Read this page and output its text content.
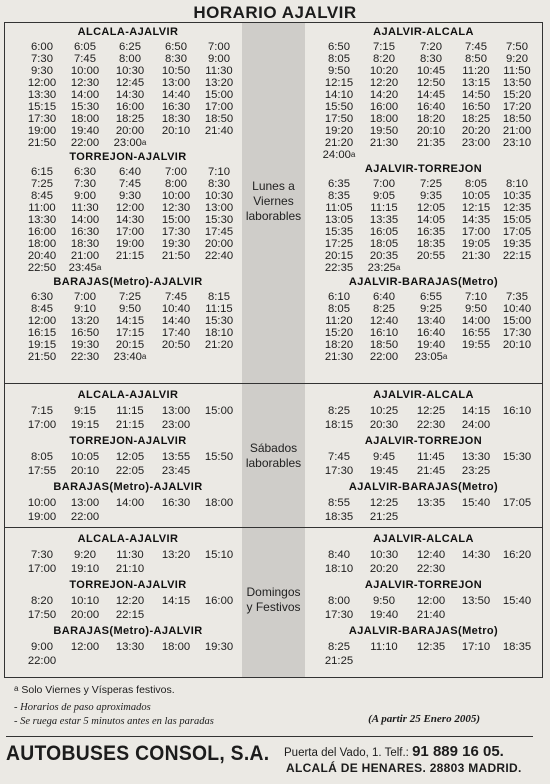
HORARIO AJALVIR
Lunes a
Viernes
laborables
Sábados
laborables
Domingos
y Festivos
ALCALA-AJALVIR
6:00	6:05	6:25	6:50	7:00
7:30	7:45	8:00	8:30	9:00
9:30	10:00	10:30	10:50	11:30
12:00	12:30	12:45	13:00	13:20
13:30	14:00	14:30	14:40	15:00
15:15	15:30	16:00	16:30	17:00
17:30	18:00	18:25	18:30	18:50
19:00	19:40	20:00	20:10	21:40
21:50	22:00	23:00$^a$
TORREJON-AJALVIR
6:15	6:30	6:40	7:00	7:10
7:25	7:30	7:45	8:00	8:30
8:45	9:00	9:30	10:00	10:30
11:00	11:30	12:00	12:30	13:00
13:30	14:00	14:30	15:00	15:30
16:00	16:30	17:00	17:30	17:45
18:00	18:30	19:00	19:30	20:00
20:40	21:00	21:15	21:50	22:40
22:50	23:45$^a$
BARAJAS(Metro)-AJALVIR
6:30	7:00	7:25	7:45	8:15
8:45	9:10	9:50	10:40	11:15
12:00	13:20	14:15	14:40	15:30
16:15	16:50	17:15	17:40	18:10
19:15	19:30	20:15	20:50	21:20
21:50	22:30	23:40$^a$
AJALVIR-ALCALA
6:50	7:15	7:20	7:45	7:50
8:05	8:20	8:30	8:50	9:20
9:50	10:20	10:45	11:20	11:50
12:15	12:20	12:50	13:15	13:50
14:10	14:20	14:45	14:50	15:20
15:50	16:00	16:40	16:50	17:20
17:50	18:00	18:20	18:25	18:50
19:20	19:50	20:10	20:20	21:00
21:20	21:30	21:35	23:00	23:10
24:00$^a$
AJALVIR-TORREJON
6:35	7:00	7:25	8:05	8:10
8:35	9:05	9:35	10:05	10:35
11:05	11:15	12:05	12:15	12:35
13:05	13:35	14:05	14:35	15:05
15:35	16:05	16:35	17:00	17:05
17:25	18:05	18:35	19:05	19:35
20:15	20:35	20:55	21:30	22:15
22:35	23:25$^a$
AJALVIR-BARAJAS(Metro)
6:10	6:40	6:55	7:10	7:35
8:05	8:25	9:25	9:50	10:40
11:20	12:40	13:40	14:00	15:00
15:20	16:10	16:40	16:55	17:30
18:20	18:50	19:40	19:55	20:10
21:30	22:00	23:05$^a$
ALCALA-AJALVIR
7:15	9:15	11:15	13:00	15:00
17:00	19:15	21:15	23:00
TORREJON-AJALVIR
8:05	10:05	12:05	13:55	15:50
17:55	20:10	22:05	23:45
BARAJAS(Metro)-AJALVIR
10:00	13:00	14:00	16:30	18:00
19:00	22:00
AJALVIR-ALCALA
8:25	10:25	12:25	14:15	16:10
18:15	20:30	22:30	24:00
AJALVIR-TORREJON
7:45	9:45	11:45	13:30	15:30
17:30	19:45	21:45	23:25
AJALVIR-BARAJAS(Metro)
8:55	12:25	13:35	15:40	17:05
18:35	21:25
ALCALA-AJALVIR
7:30	9:20	11:30	13:20	15:10
17:00	19:10	21:10
TORREJON-AJALVIR
8:20	10:10	12:20	14:15	16:00
17:50	20:00	22:15
BARAJAS(Metro)-AJALVIR
9:00	12:00	13:30	18:00	19:30
22:00
AJALVIR-ALCALA
8:40	10:30	12:40	14:30	16:20
18:10	20:20	22:30
AJALVIR-TORREJON
8:00	9:50	12:00	13:50	15:40
17:30	19:40	21:40
AJALVIR-BARAJAS(Metro)
8:25	11:10	12:35	17:10	18:35
21:25
$^a$ Solo Viernes y Vísperas festivos.
- Horarios de paso aproximados
- Se ruega estar 5 minutos antes en las paradas	(A partir 25 Enero 2005)
AUTOBUSES CONSOL, S.A. Puerta del Vado, 1. Telf.: 91 889 16 05.
ALCALÁ DE HENARES. 28803 MADRID.
